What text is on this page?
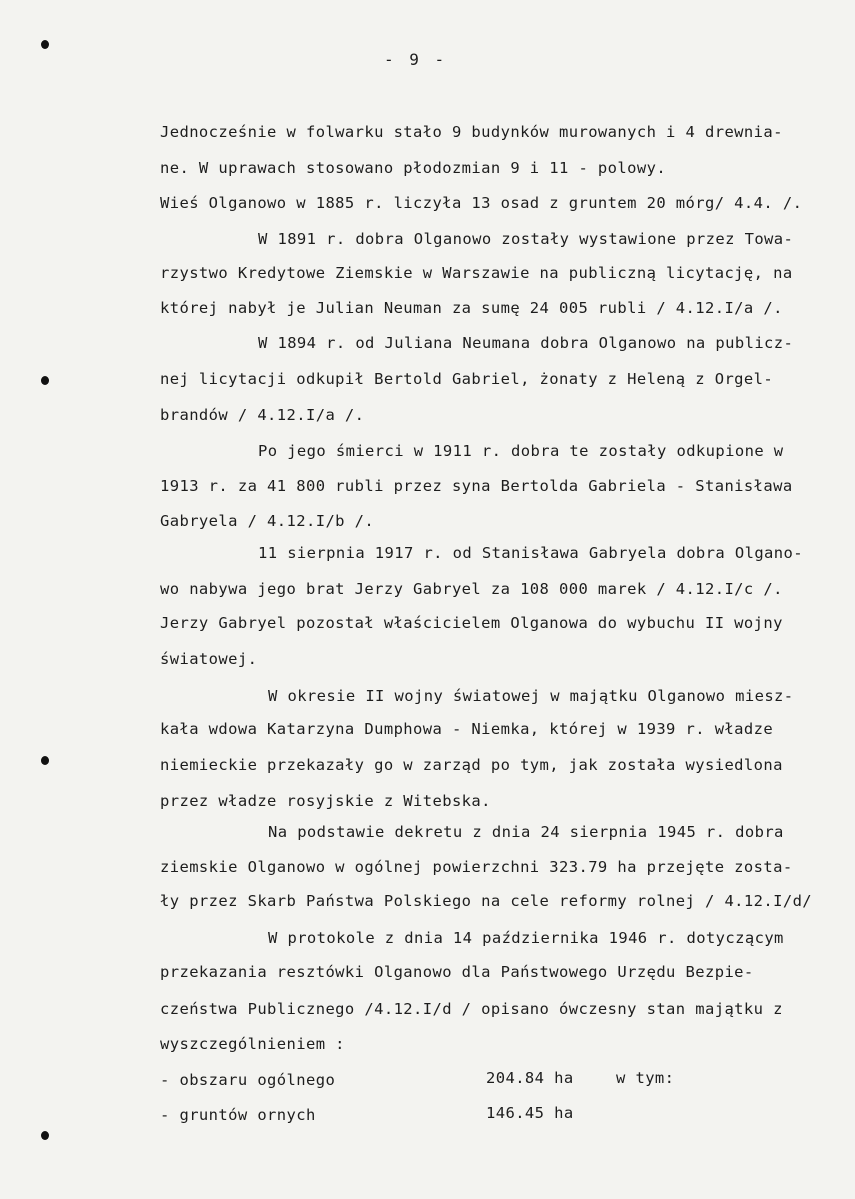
- 9 -
Jednocześnie w folwarku stało 9 budynków murowanych i 4 drewnia-
ne. W uprawach stosowano płodozmian 9 i 11 - polowy.
Wieś Olganowo w 1885 r. liczyła 13 osad z gruntem 20 mórg/ 4.4. /.
W 1891 r. dobra Olganowo zostały wystawione przez Towa-
rzystwo Kredytowe Ziemskie w Warszawie na publiczną licytację, na
której nabył je Julian Neuman za sumę 24 005 rubli / 4.12.I/a /.
W 1894 r. od Juliana Neumana dobra Olganowo na publicz-
nej licytacji odkupił Bertold Gabriel, żonaty z Heleną z Orgel-
brandów / 4.12.I/a /.
Po jego śmierci w 1911 r. dobra te zostały odkupione w
1913 r. za 41 800 rubli przez syna Bertolda Gabriela - Stanisława
Gabryela / 4.12.I/b /.
11 sierpnia 1917 r. od Stanisława Gabryela dobra Olgano-
wo nabywa jego brat Jerzy Gabryel za 108 000 marek / 4.12.I/c /.
Jerzy Gabryel pozostał właścicielem Olganowa do wybuchu II wojny
światowej.
W okresie II wojny światowej w majątku Olganowo miesz-
kała wdowa Katarzyna Dumphowa - Niemka, której w 1939 r. władze
niemieckie przekazały go w zarząd po tym, jak została wysiedlona
przez władze rosyjskie z Witebska.
Na podstawie dekretu z dnia 24 sierpnia 1945 r. dobra
ziemskie Olganowo w ogólnej powierzchni 323.79 ha przejęte zosta-
ły przez Skarb Państwa Polskiego na cele reformy rolnej / 4.12.I/d/
W protokole z dnia 14 października 1946 r. dotyczącym
przekazania resztówki Olganowo dla Państwowego Urzędu Bezpie-
czeństwa Publicznego /4.12.I/d / opisano ówczesny stan majątku z
wyszczególnieniem :
- obszaru ogólnego	204.84 ha	w tym:
- gruntów ornych	146.45 ha
